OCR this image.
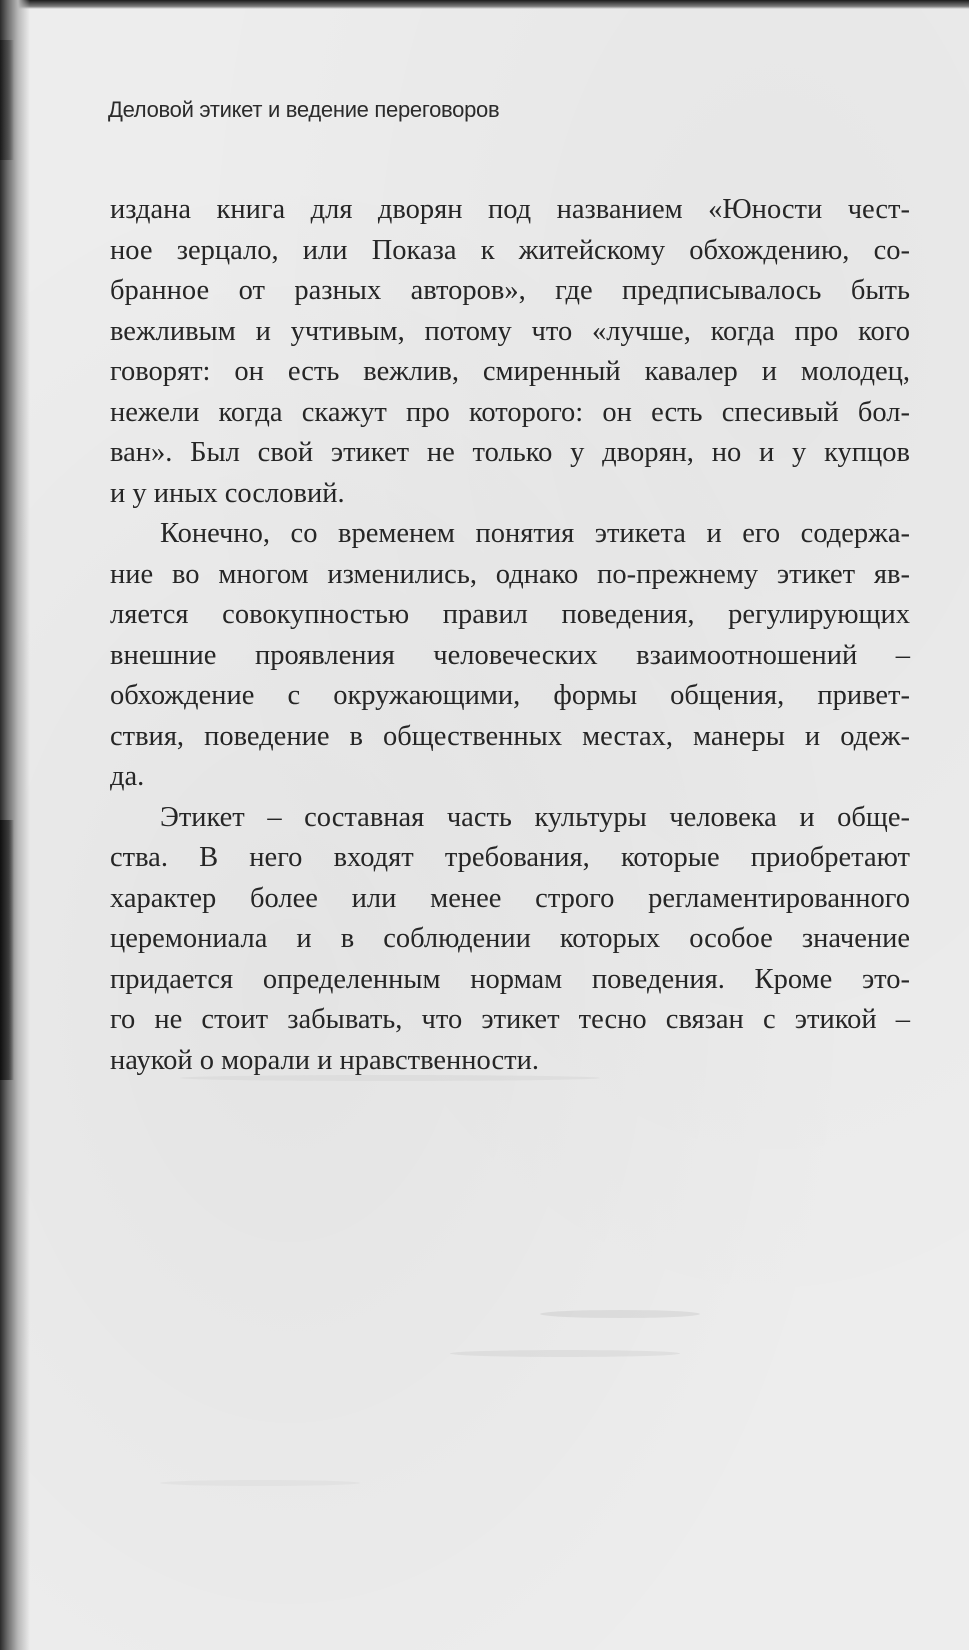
Деловой этикет и ведение переговоров
издана книга для дворян под названием «Юности чест-
ное зерцало, или Показа к житейскому обхождению, со-
бранное от разных авторов», где предписывалось быть
вежливым и учтивым, потому что «лучше, когда про кого
говорят: он есть вежлив, смиренный кавалер и молодец,
нежели когда скажут про которого: он есть спесивый бол-
ван». Был свой этикет не только у дворян, но и у купцов
и у иных сословий.
Конечно, со временем понятия этикета и его содержа-
ние во многом изменились, однако по-прежнему этикет яв-
ляется совокупностью правил поведения, регулирующих
внешние проявления человеческих взаимоотношений –
обхождение с окружающими, формы общения, привет-
ствия, поведение в общественных местах, манеры и одеж-
да.
Этикет – составная часть культуры человека и обще-
ства. В него входят требования, которые приобретают
характер более или менее строго регламентированного
церемониала и в соблюдении которых особое значение
придается определенным нормам поведения. Кроме это-
го не стоит забывать, что этикет тесно связан с этикой –
наукой о морали и нравственности.
